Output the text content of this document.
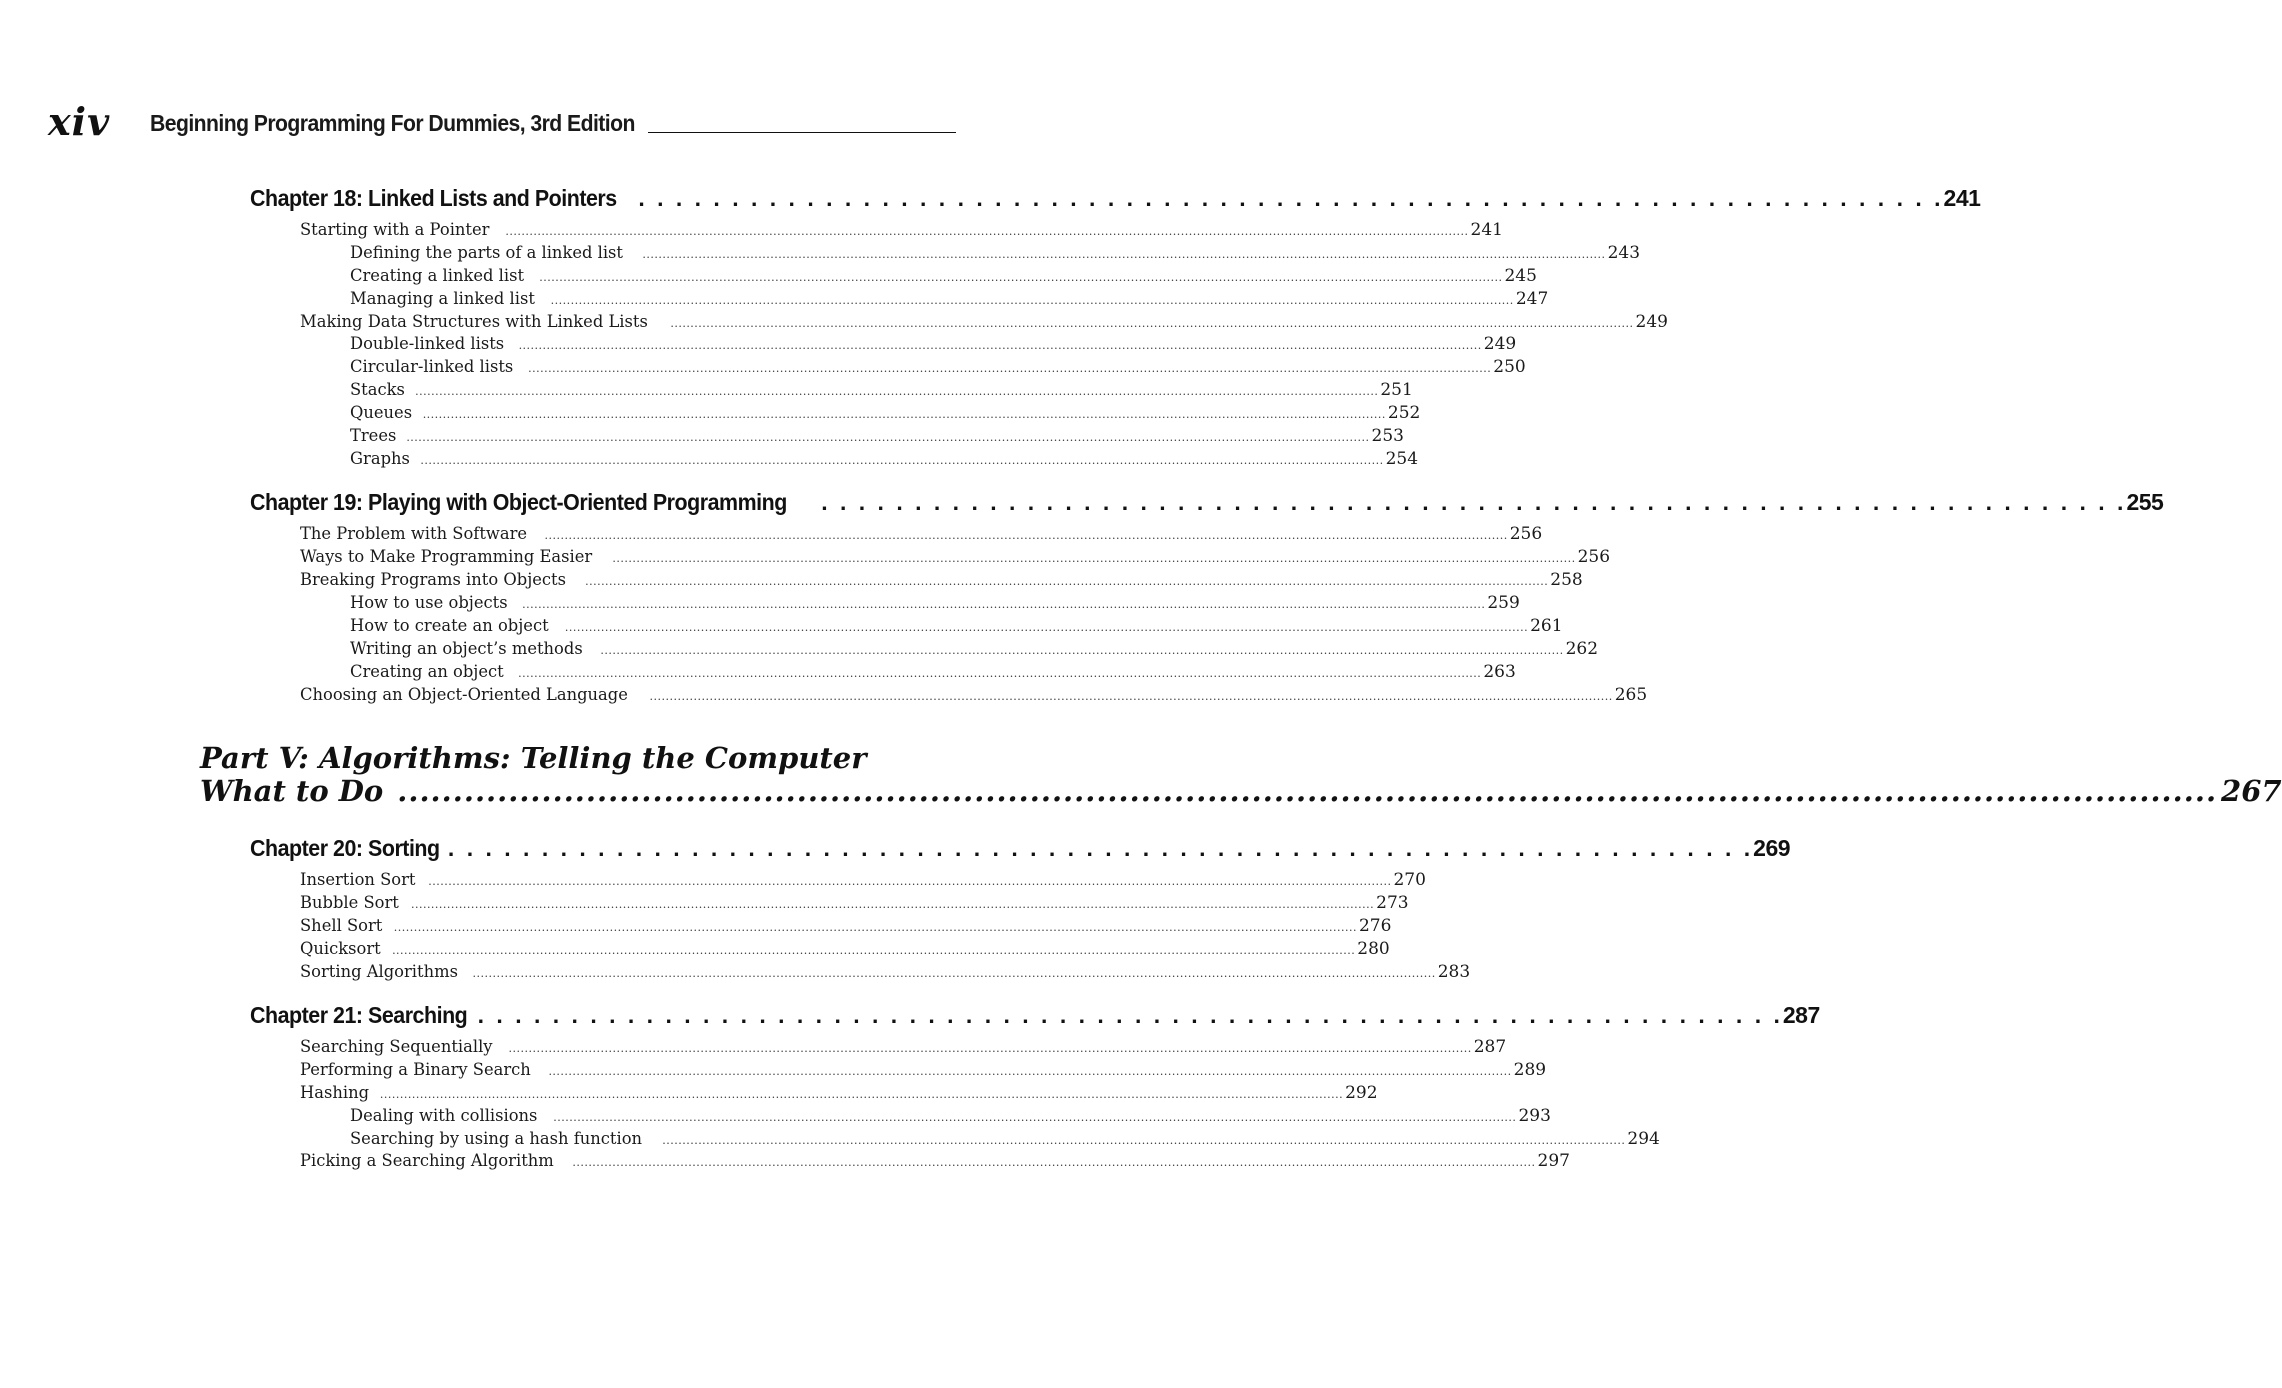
xiv Beginning Programming For Dummies, 3rd Edition
Chapter 18: Linked Lists and Pointers . . . . . . . . . . . . . . . . . . . . . . . . . . . . . . . . . . . . . . . . . . . . . . . . . . . . . . . . . . . . . . . . . . . . . . 241
Starting with a Pointer ................................................................................................................................................................................................................................................. 241
Defining the parts of a linked list ................................................................................................................................................................................................................................................. 243
Creating a linked list ................................................................................................................................................................................................................................................. 245
Managing a linked list ................................................................................................................................................................................................................................................. 247
Making Data Structures with Linked Lists ................................................................................................................................................................................................................................................. 249
Double-linked lists ................................................................................................................................................................................................................................................. 249
Circular-linked lists ................................................................................................................................................................................................................................................. 250
Stacks ................................................................................................................................................................................................................................................. 251
Queues ................................................................................................................................................................................................................................................. 252
Trees ................................................................................................................................................................................................................................................. 253
Graphs ................................................................................................................................................................................................................................................. 254
Chapter 19: Playing with Object-Oriented Programming . . . . . . . . . . . . . . . . . . . . . . . . . . . . . . . . . . . . . . . . . . . . . . . . . . . . . . . . . . . . . . . . . . . . . . 255
The Problem with Software ................................................................................................................................................................................................................................................. 256
Ways to Make Programming Easier ................................................................................................................................................................................................................................................. 256
Breaking Programs into Objects ................................................................................................................................................................................................................................................. 258
How to use objects ................................................................................................................................................................................................................................................. 259
How to create an object ................................................................................................................................................................................................................................................. 261
Writing an object’s methods ................................................................................................................................................................................................................................................. 262
Creating an object ................................................................................................................................................................................................................................................. 263
Choosing an Object-Oriented Language ................................................................................................................................................................................................................................................. 265
Part V: Algorithms: Telling the Computer
What to Do .................................................................................................................................................................... 267
Chapter 20: Sorting . . . . . . . . . . . . . . . . . . . . . . . . . . . . . . . . . . . . . . . . . . . . . . . . . . . . . . . . . . . . . . . . . . . . . . 269
Insertion Sort ................................................................................................................................................................................................................................................. 270
Bubble Sort ................................................................................................................................................................................................................................................. 273
Shell Sort ................................................................................................................................................................................................................................................. 276
Quicksort ................................................................................................................................................................................................................................................. 280
Sorting Algorithms ................................................................................................................................................................................................................................................. 283
Chapter 21: Searching . . . . . . . . . . . . . . . . . . . . . . . . . . . . . . . . . . . . . . . . . . . . . . . . . . . . . . . . . . . . . . . . . . . . . . 287
Searching Sequentially ................................................................................................................................................................................................................................................. 287
Performing a Binary Search ................................................................................................................................................................................................................................................. 289
Hashing ................................................................................................................................................................................................................................................. 292
Dealing with collisions ................................................................................................................................................................................................................................................. 293
Searching by using a hash function ................................................................................................................................................................................................................................................. 294
Picking a Searching Algorithm ................................................................................................................................................................................................................................................. 297
